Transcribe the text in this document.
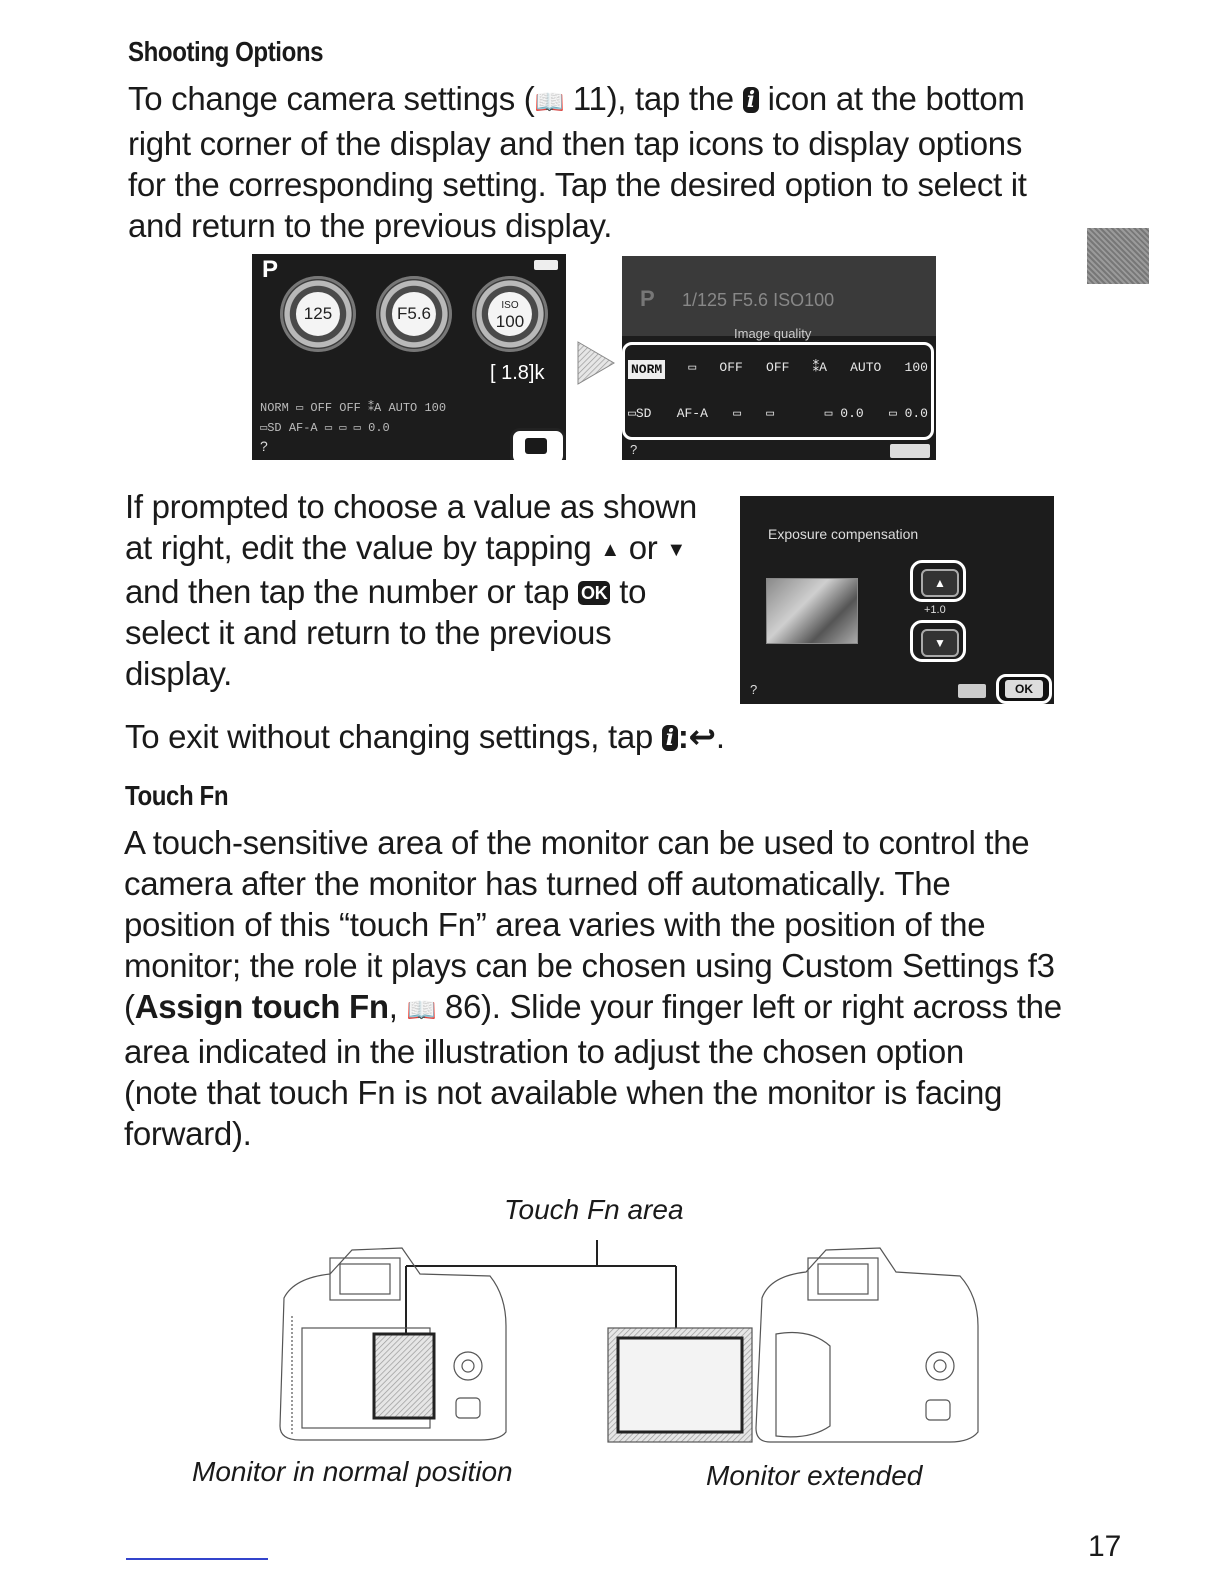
Shooting Options
To change camera settings (📖 11), tap the i icon at the bottom
right corner of the display and then tap icons to display options
for the corresponding setting. Tap the desired option to select it
and return to the previous display.
P
125	F5.6	ISO
100
[ 1.8]k
NORM ▭ OFF OFF ⁑A AUTO 100
▭SD AF-A ▭ ▭ ▭ 0.0
?
P 1/125 F5.6 ISO100
Image quality
NORM ▭ OFF OFF ⁑A AUTO 100
▭SD AF-A ▭ ▭	▭ 0.0 ▭ 0.0
?
If prompted to choose a value as shown
at right, edit the value by tapping ▲ or ▼
and then tap the number or tap OK to
select it and return to the previous
display.
Exposure compensation
▲
+1.0
▼
?	OK
To exit without changing settings, tap i :↩.
Touch Fn
A touch-sensitive area of the monitor can be used to control the
camera after the monitor has turned off automatically. The
position of this “touch Fn” area varies with the position of the
monitor; the role it plays can be chosen using Custom Settings f3
(Assign touch Fn, 📖 86). Slide your finger left or right across the
area indicated in the illustration to adjust the chosen option
(note that touch Fn is not available when the monitor is facing
forward).
Touch Fn area
Monitor in normal position	Monitor extended
17
